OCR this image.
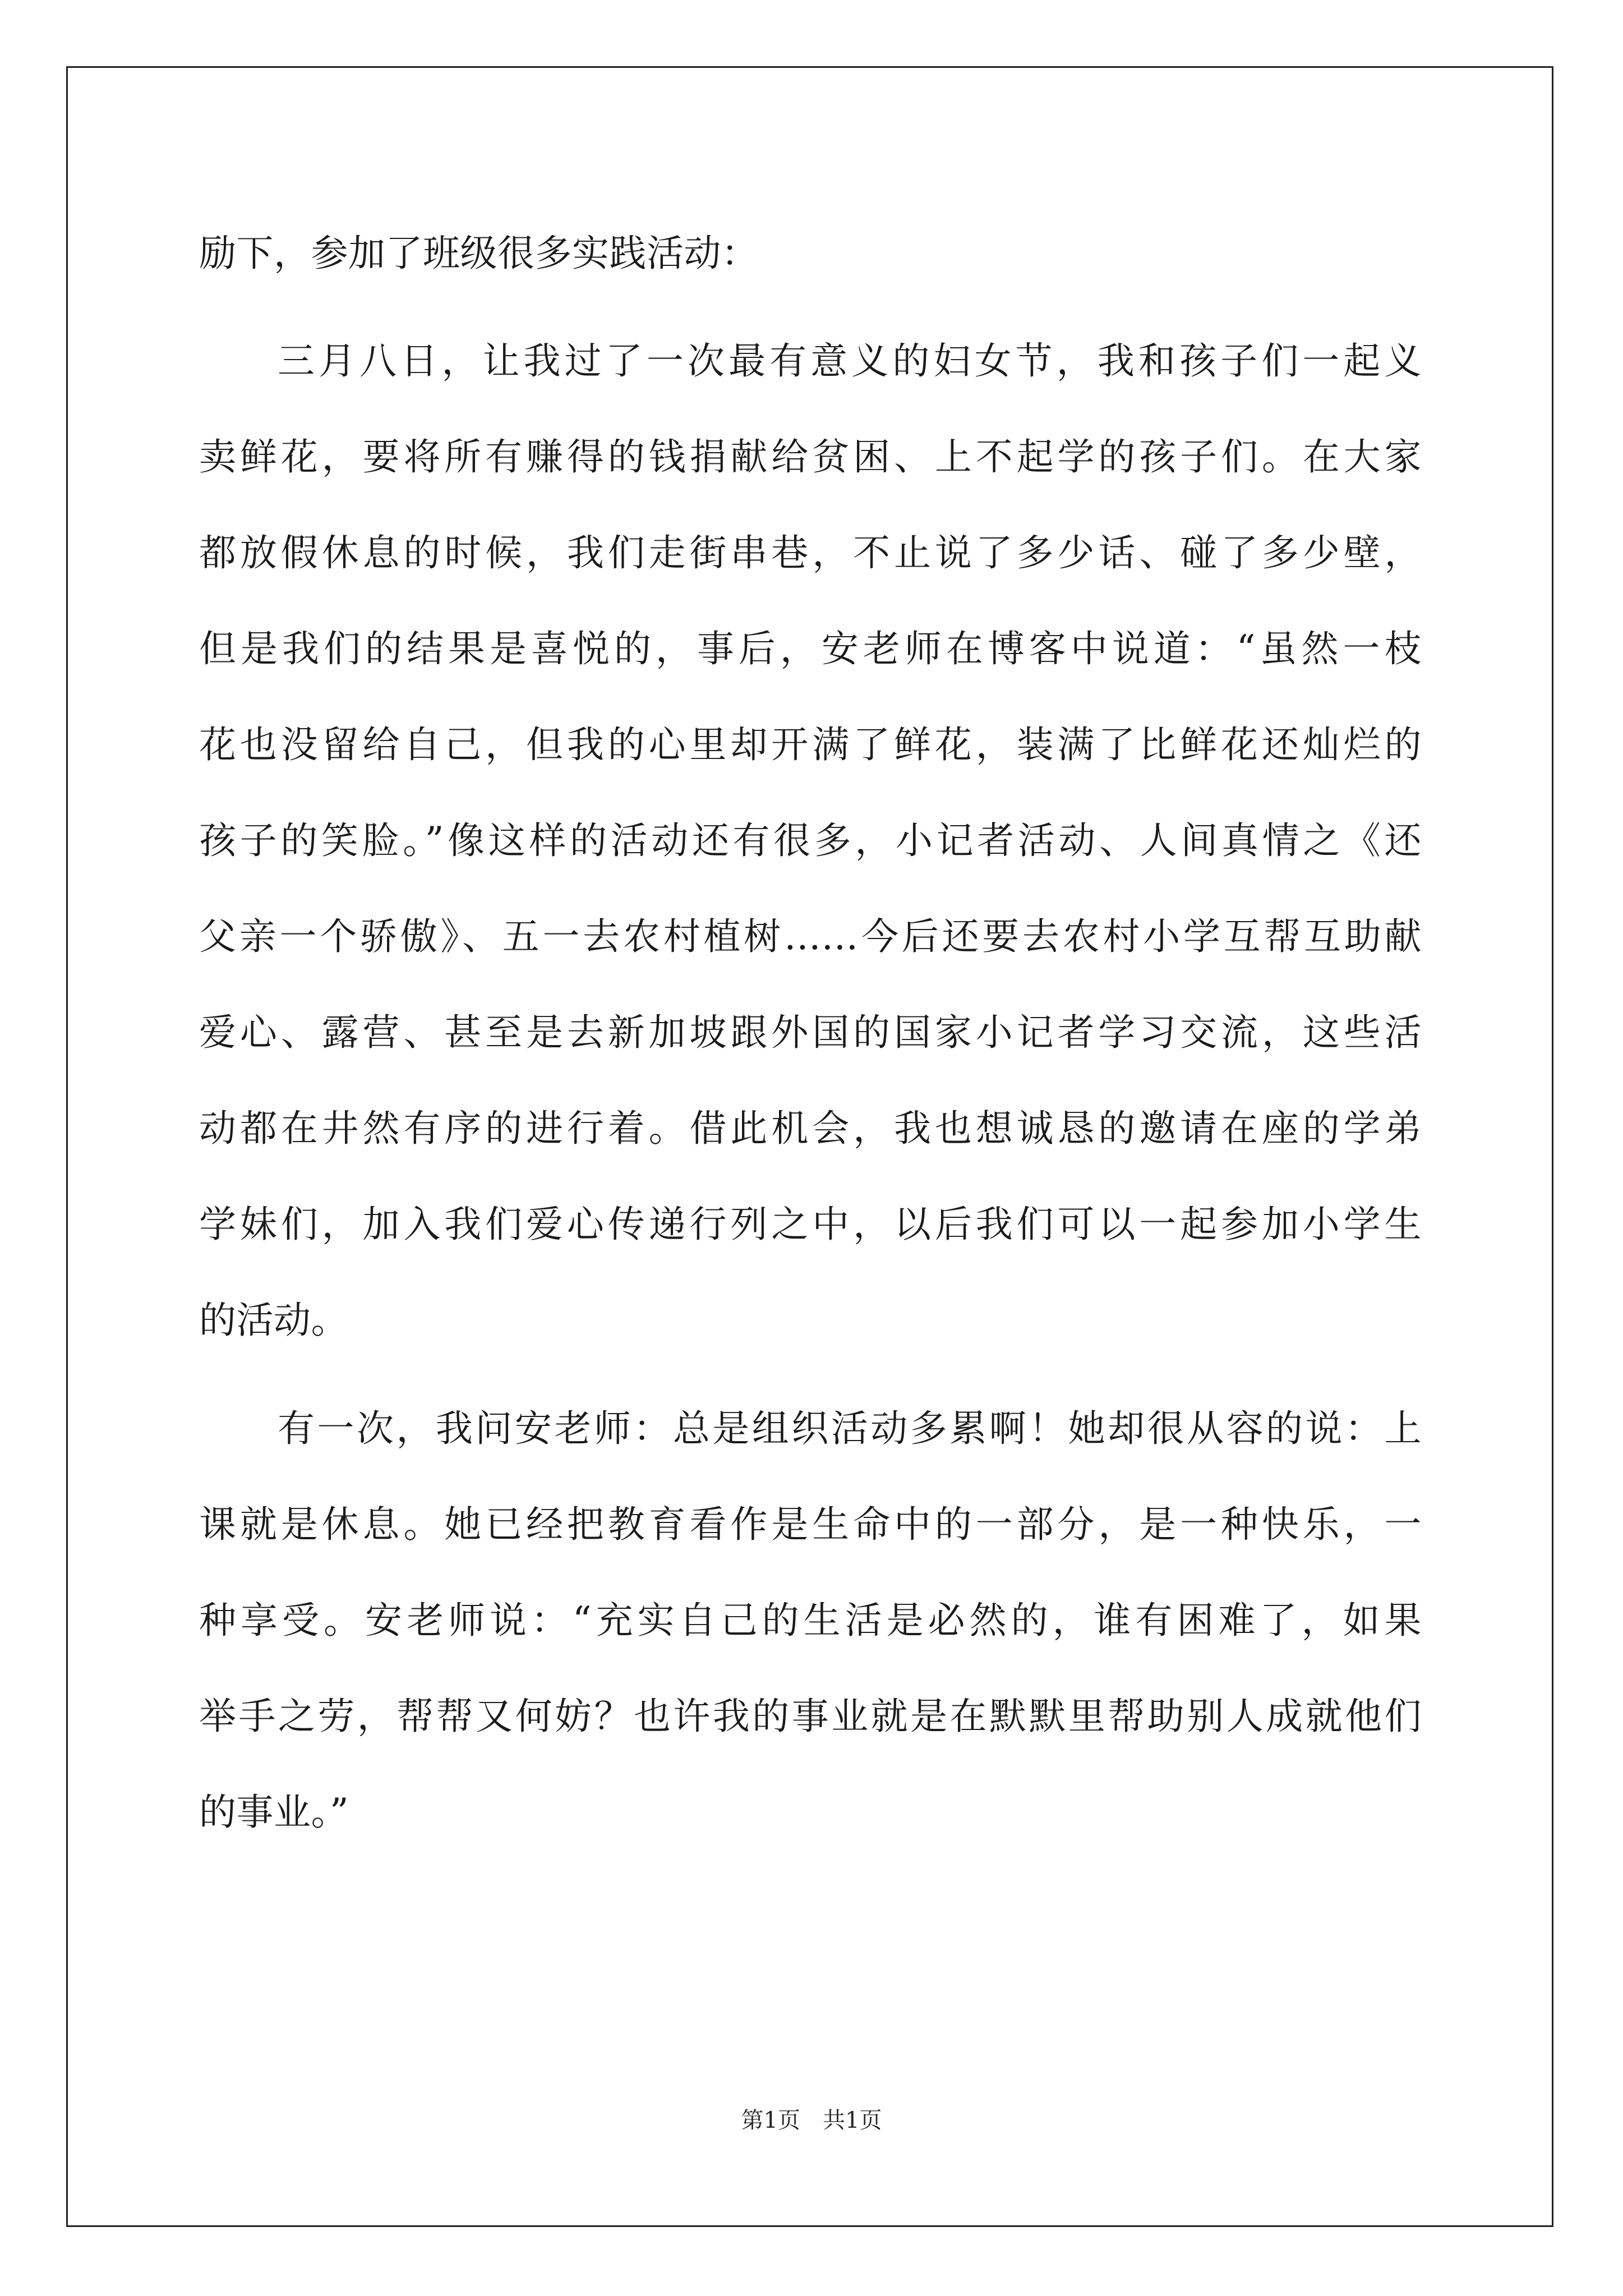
励下，参加了班级很多实践活动：
三月八日，让我过了一次最有意义的妇女节，我和孩子们一起义
卖鲜花，要将所有赚得的钱捐献给贫困、上不起学的孩子们。在大家
都放假休息的时候，我们走街串巷，不止说了多少话、碰了多少壁，
但是我们的结果是喜悦的，事后，安老师在博客中说道：“虽然一枝
花也没留给自己，但我的心里却开满了鲜花，装满了比鲜花还灿烂的
孩子的笑脸。”像这样的活动还有很多，小记者活动、人间真情之《还
父亲一个骄傲》、五一去农村植树……今后还要去农村小学互帮互助献
爱心、露营、甚至是去新加坡跟外国的国家小记者学习交流，这些活
动都在井然有序的进行着。借此机会，我也想诚恳的邀请在座的学弟
学妹们，加入我们爱心传递行列之中，以后我们可以一起参加小学生
的活动。
有一次，我问安老师：总是组织活动多累啊！她却很从容的说：上
课就是休息。她已经把教育看作是生命中的一部分，是一种快乐，一
种享受。安老师说：“充实自己的生活是必然的，谁有困难了，如果
举手之劳，帮帮又何妨？也许我的事业就是在默默里帮助别人成就他们
的事业。”
第1页　共1页
